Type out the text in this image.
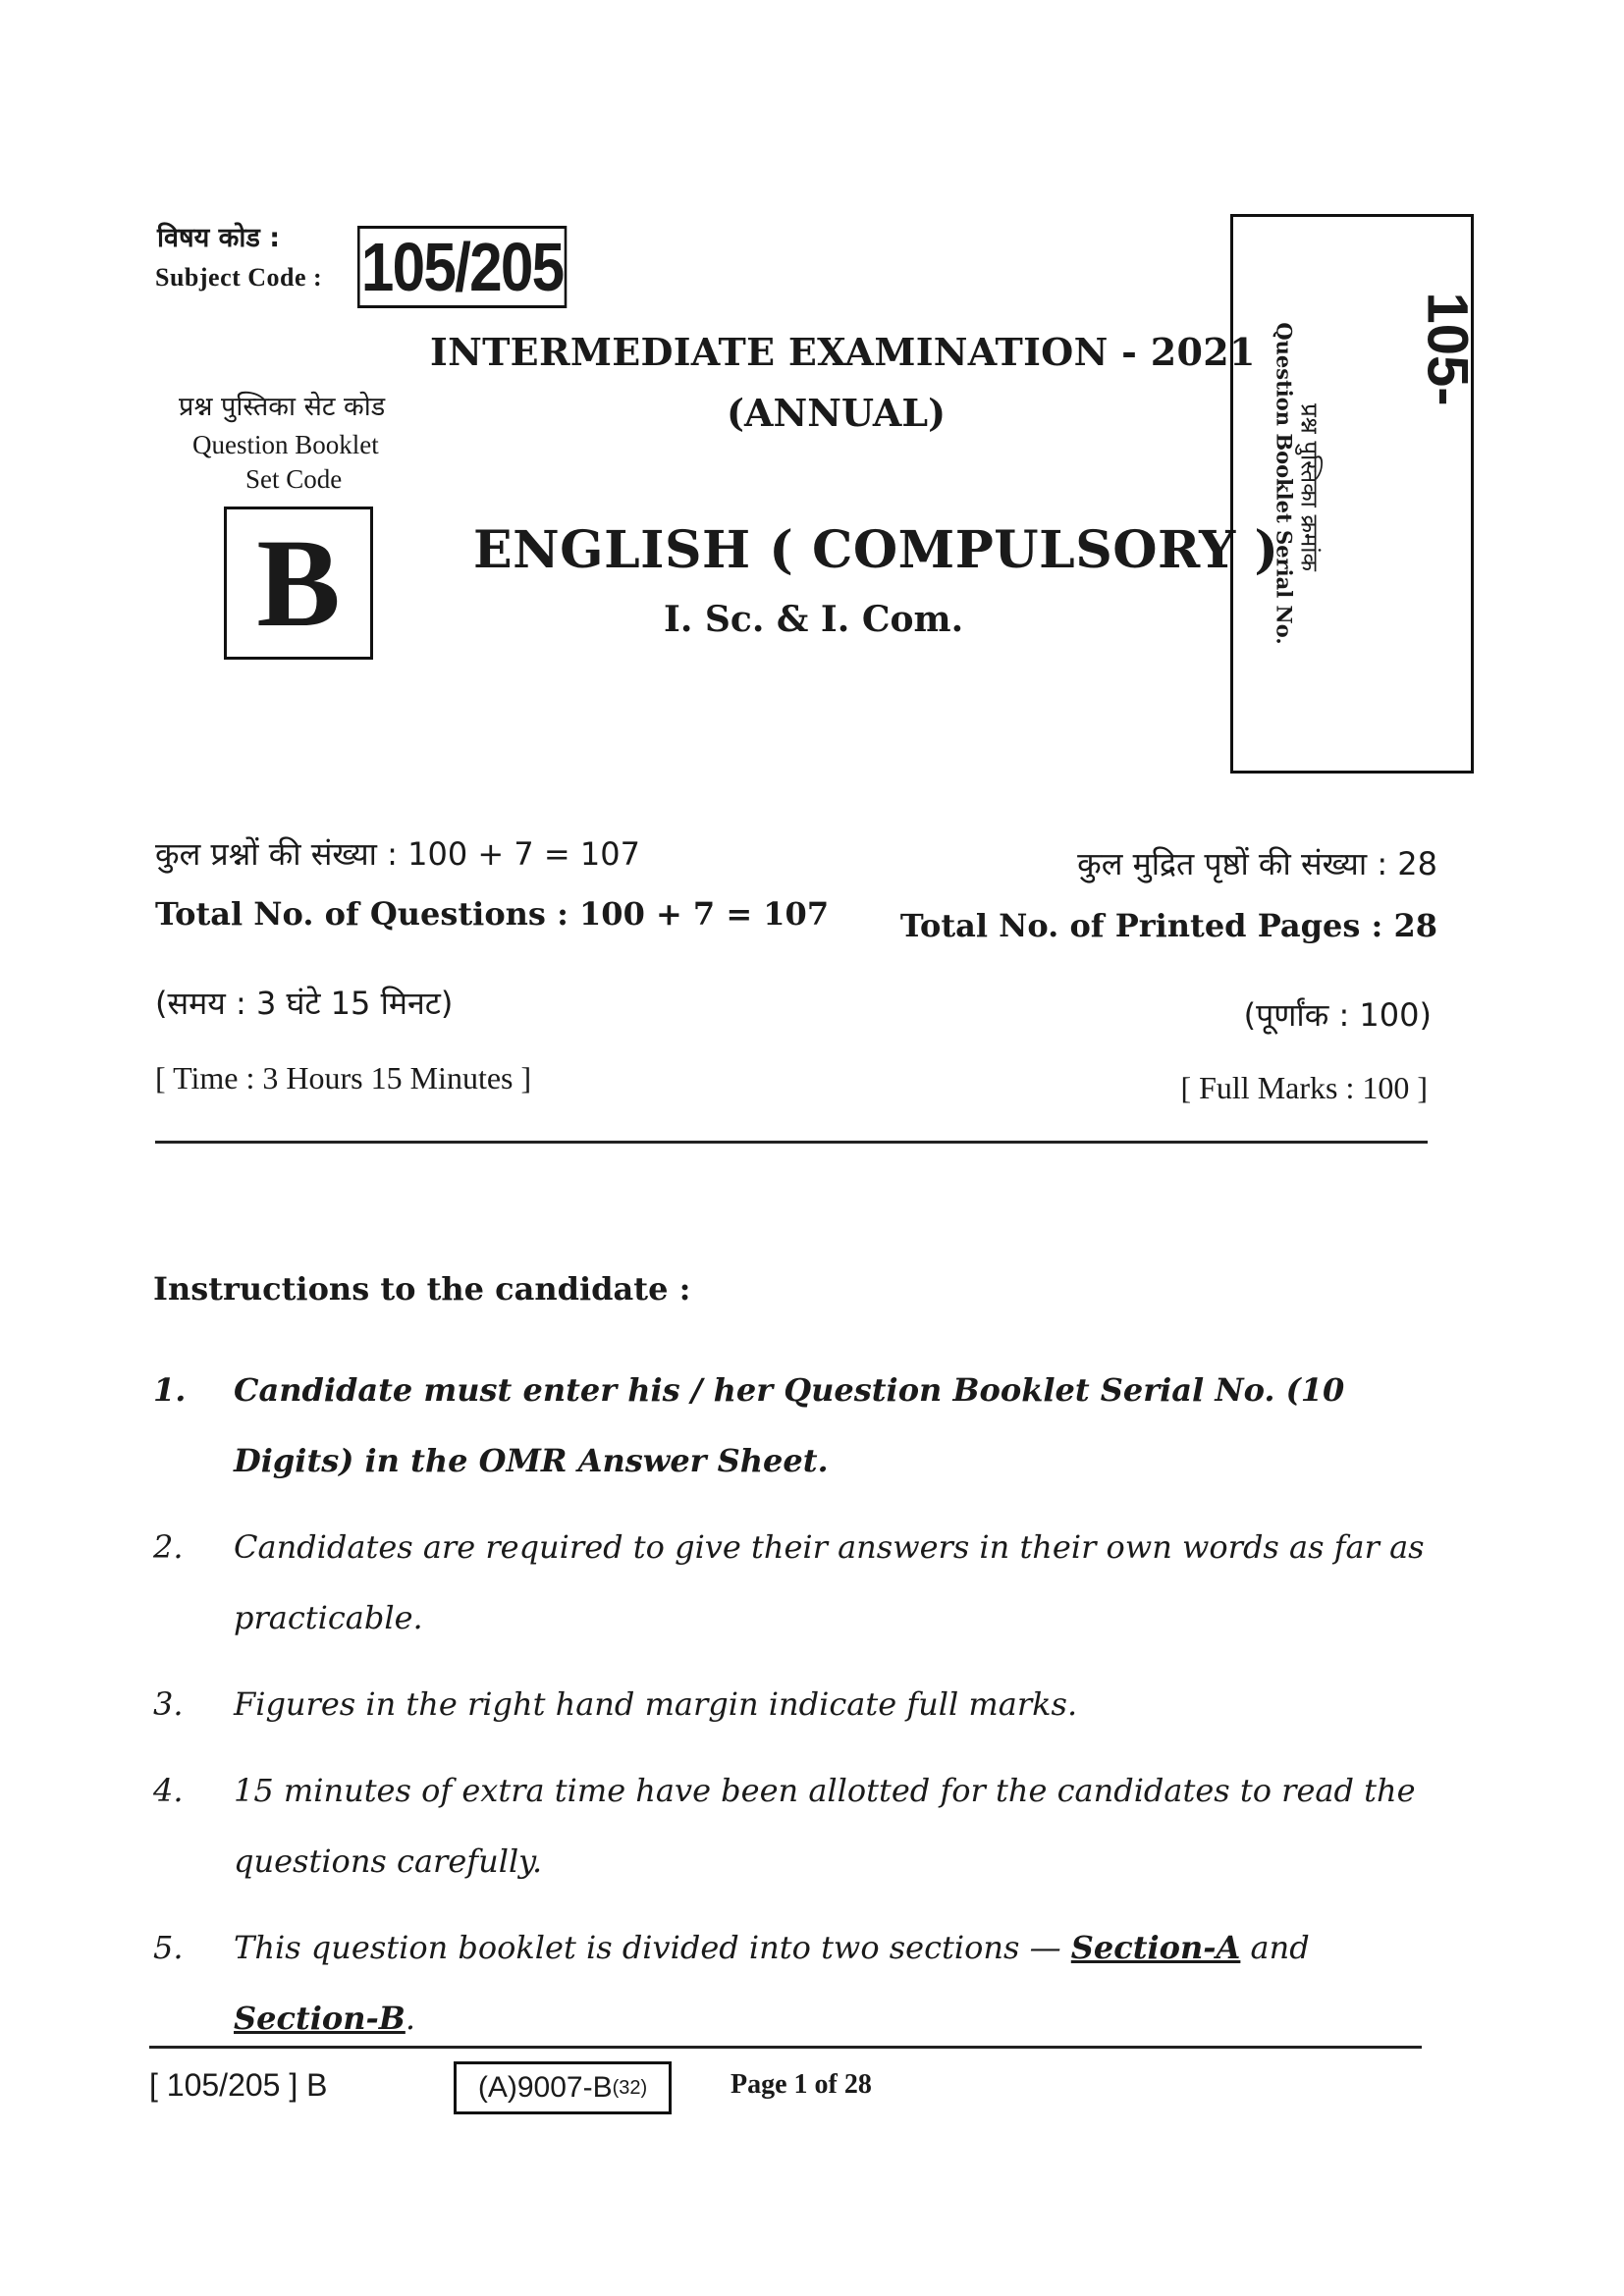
विषय कोड :
Subject Code : 105/205
प्रश्न पुस्तिका सेट कोड
Question Booklet
Set Code
B
INTERMEDIATE EXAMINATION - 2021
(ANNUAL)
ENGLISH ( COMPULSORY )
I. Sc. & I. Com.
105-
प्रश्न पुस्तिका क्रमांक
Question Booklet Serial No.
कुल प्रश्नों की संख्या : 100 + 7 = 107
Total No. of Questions : 100 + 7 = 107
कुल मुद्रित पृष्ठों की संख्या : 28
Total No. of Printed Pages : 28
(समय : 3 घंटे 15 मिनट)
[ Time : 3 Hours 15 Minutes ]
(पूर्णांक : 100)
[ Full Marks : 100 ]
Instructions to the candidate :
1. Candidate must enter his / her Question Booklet Serial No. (10 Digits) in the OMR Answer Sheet.
2. Candidates are required to give their answers in their own words as far as practicable.
3. Figures in the right hand margin indicate full marks.
4. 15 minutes of extra time have been allotted for the candidates to read the questions carefully.
5. This question booklet is divided into two sections — Section-A and Section-B.
[ 105/205 ] B	(A)9007-B (32)	Page 1 of 28
